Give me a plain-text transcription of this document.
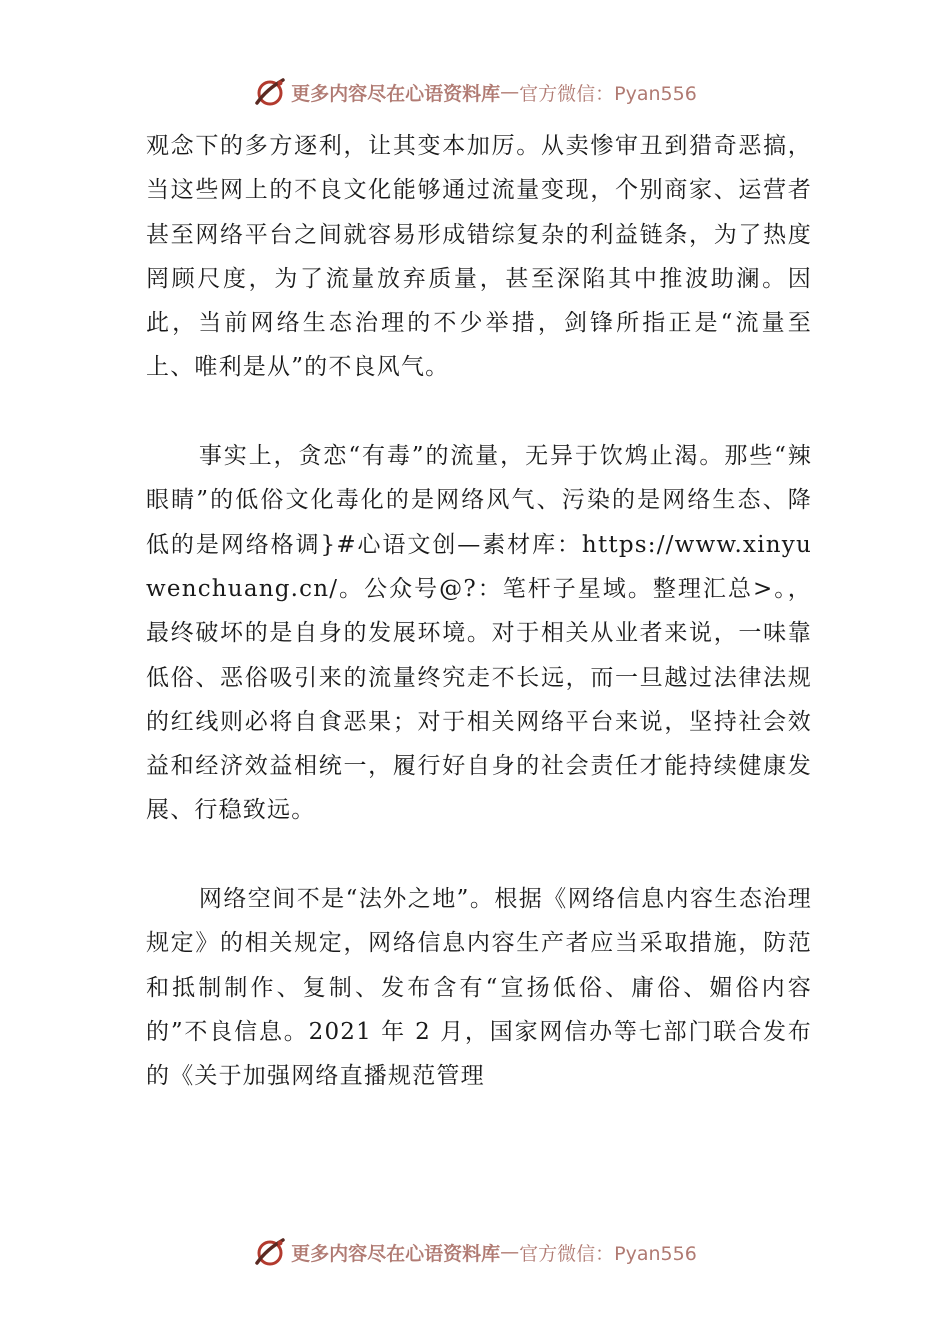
更多内容尽在心语资料库 — 官方微信：Pyan556

观念下的多方逐利，让其变本加厉。从卖惨审丑到猎奇恶搞，当这些网上的不良文化能够通过流量变现，个别商家、运营者甚至网络平台之间就容易形成错综复杂的利益链条，为了热度罔顾尺度，为了流量放弃质量，甚至深陷其中推波助澜。因此，当前网络生态治理的不少举措，剑锋所指正是“流量至上、唯利是从”的不良风气。

事实上，贪恋“有毒”的流量，无异于饮鸩止渴。那些“辣眼睛”的低俗文化毒化的是网络风气、污染的是网络生态、降低的是网络格调}#心语文创—素材库：https://www.xinyuwenchuang.cn/。公众号@?：笔杆子星域。整理汇总>。，最终破坏的是自身的发展环境。对于相关从业者来说，一味靠低俗、恶俗吸引来的流量终究走不长远，而一旦越过法律法规的红线则必将自食恶果；对于相关网络平台来说，坚持社会效益和经济效益相统一，履行好自身的社会责任才能持续健康发展、行稳致远。

网络空间不是“法外之地”。根据《网络信息内容生态治理规定》的相关规定，网络信息内容生产者应当采取措施，防范和抵制制作、复制、发布含有“宣扬低俗、庸俗、媚俗内容的”不良信息。2021 年 2 月，国家网信办等七部门联合发布的《关于加强网络直播规范管理

更多内容尽在心语资料库 — 官方微信：Pyan556
